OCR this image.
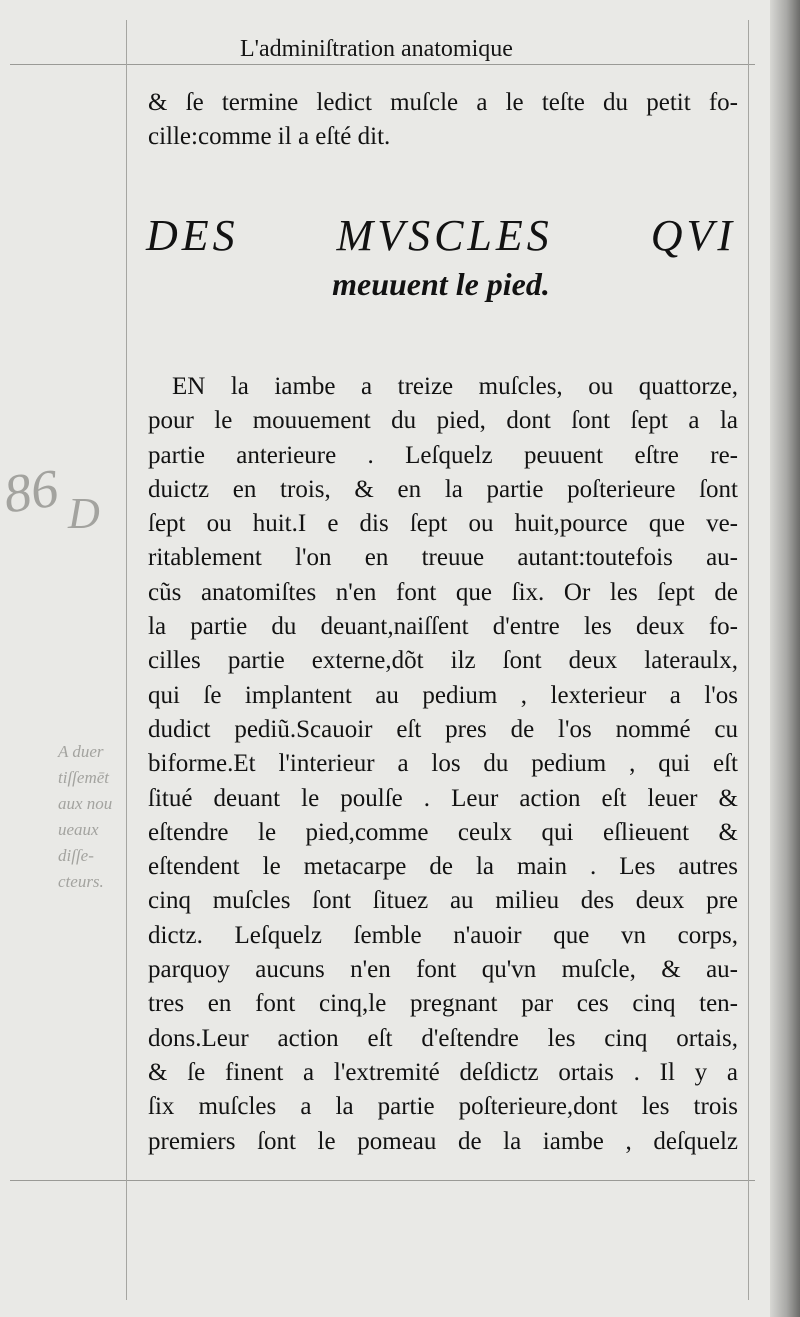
86 D
A duer
tiſſemēt
aux nou
ueaux
diſſe-
cteurs.
L'adminiſtration anatomique
& ſe termine ledict muſcle a le teſte du petit fo-
cille:comme il a eſté dit.
DES MVSCLES QVI
meuuent le pied.
EN la iambe a treize muſcles, ou quattorze,
pour le mouuement du pied, dont ſont ſept a la
partie anterieure . Leſquelz peuuent eſtre re-
duictz en trois, & en la partie poſterieure ſont
ſept ou huit.I e dis ſept ou huit,pource que ve-
ritablement l'on en treuue autant:toutefois au-
cũs anatomiſtes n'en font que ſix. Or les ſept de
la partie du deuant,naiſſent d'entre les deux fo-
cilles partie externe,dõt ilz ſont deux lateraulx,
qui ſe implantent au pedium , lexterieur a l'os
dudict pediũ.Scauoir eſt pres de l'os nommé cu
biforme.Et l'interieur a los du pedium , qui eſt
ſitué deuant le poulſe . Leur action eſt leuer &
eſtendre le pied,comme ceulx qui eſlieuent &
eſtendent le metacarpe de la main . Les autres
cinq muſcles ſont ſituez au milieu des deux pre
dictz. Leſquelz ſemble n'auoir que vn corps,
parquoy aucuns n'en font qu'vn muſcle, & au-
tres en font cinq,le pregnant par ces cinq ten-
dons.Leur action eſt d'eſtendre les cinq ortais,
& ſe finent a l'extremité deſdictz ortais . Il y a
ſix muſcles a la partie poſterieure,dont les trois
premiers ſont le pomeau de la iambe , deſquelz
